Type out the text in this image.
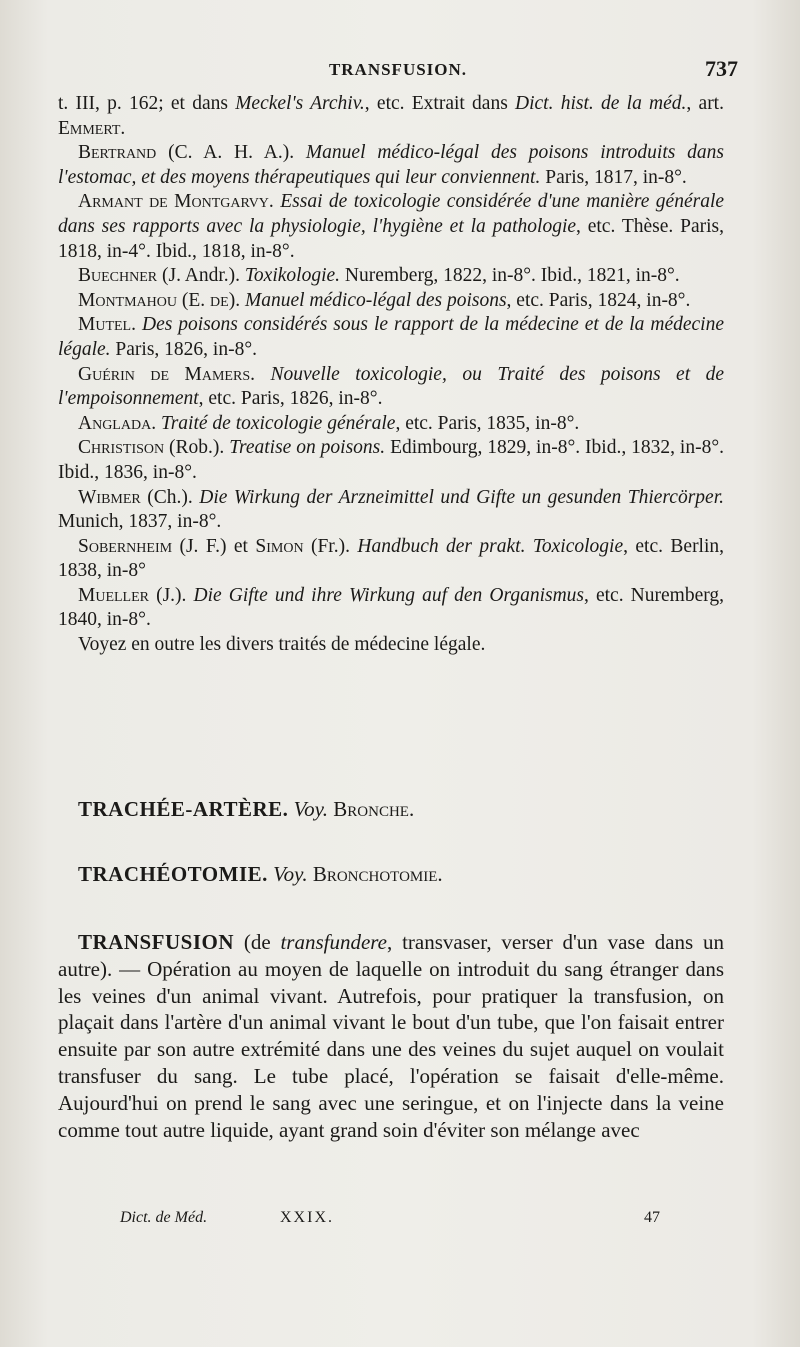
TRANSFUSION.	737

t. III, p. 162; et dans Meckel's Archiv., etc. Extrait dans Dict. hist. de la méd., art. Emmert.

Bertrand (C. A. H. A.). Manuel médico-légal des poisons introduits dans l'estomac, et des moyens thérapeutiques qui leur conviennent. Paris, 1817, in-8°.

Armant de Montgarvy. Essai de toxicologie considérée d'une manière générale dans ses rapports avec la physiologie, l'hygiène et la pathologie, etc. Thèse. Paris, 1818, in-4°. Ibid., 1818, in-8°.

Buechner (J. Andr.). Toxikologie. Nuremberg, 1822, in-8°. Ibid., 1821, in-8°.

Montmahou (E. de). Manuel médico-légal des poisons, etc. Paris, 1824, in-8°.

Mutel. Des poisons considérés sous le rapport de la médecine et de la médecine légale. Paris, 1826, in-8°.

Guérin de Mamers. Nouvelle toxicologie, ou Traité des poisons et de l'empoisonnement, etc. Paris, 1826, in-8°.

Anglada. Traité de toxicologie générale, etc. Paris, 1835, in-8°.

Christison (Rob.). Treatise on poisons. Edimbourg, 1829, in-8°. Ibid., 1832, in-8°. Ibid., 1836, in-8°.

Wibmer (Ch.). Die Wirkung der Arzneimittel und Gifte un gesunden Thiercörper. Munich, 1837, in-8°.

Sobernheim (J. F.) et Simon (Fr.). Handbuch der prakt. Toxicologie, etc. Berlin, 1838, in-8°

Mueller (J.). Die Gifte und ihre Wirkung auf den Organismus, etc. Nuremberg, 1840, in-8°.

Voyez en outre les divers traités de médecine légale.

TRACHÉE-ARTÈRE. Voy. Bronche.
TRACHÉOTOMIE. Voy. Bronchotomie.

TRANSFUSION (de transfundere, transvaser, verser d'un vase dans un autre). — Opération au moyen de laquelle on introduit du sang étranger dans les veines d'un animal vivant. Autrefois, pour pratiquer la transfusion, on plaçait dans l'artère d'un animal vivant le bout d'un tube, que l'on faisait entrer ensuite par son autre extrémité dans une des veines du sujet auquel on voulait transfuser du sang. Le tube placé, l'opération se faisait d'elle-même. Aujourd'hui on prend le sang avec une seringue, et on l'injecte dans la veine comme tout autre liquide, ayant grand soin d'éviter son mélange avec

Dict. de Méd.	XXIX.	47
